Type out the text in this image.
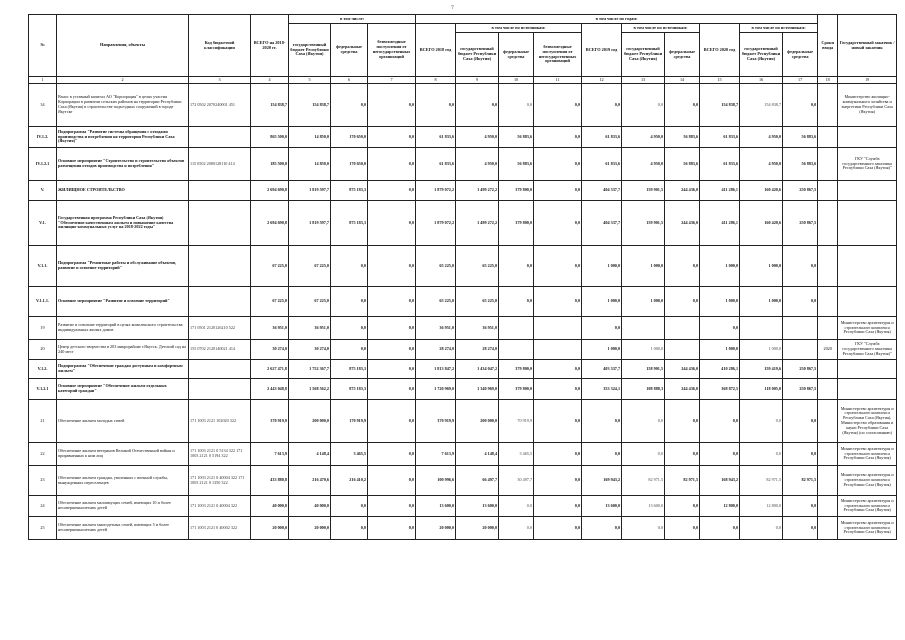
7
№	Направления, объекты	Код бюджетной классификации	ВСЕГО на 2018-2020 гг.	в том числе:			в том числе по годам:										Сроки ввода	Государственный заказчик / новый заказчик
				государственный бюджет Республики Саха (Якутия)	федеральные средства	безвозмездные поступления от негосударственных организаций	ВСЕГО 2018 год	в том числе по источникам:			ВСЕГО 2019 год	в том числе по источникам:		ВСЕГО 2020 год	в том числе по источникам:			
								государственный бюджет Республики Саха (Якутия)	федеральные средства	безвозмездные поступления от негосударственных организаций		государственный бюджет Республики Саха (Якутия)	федеральные средства		государственный бюджет Республики Саха (Якутия)	федеральные средства		
1	2	3	4	5	6	7	8	9	10	11	12	13	14	15	16	17	18	19
34	Взнос в уставный капитал АО "Корпорация" в целях участия Корпорации в развитии сельских районов на территории Республики Саха (Якутия) в строительстве подъездных сооружений в городе Якутске	172 0502 2070240001 451	154 838,7	154 838,7	0,0	0,0	0,0	0,0	0,0	0,0	0,0	0,0	0,0	154 838,7	154 838,7	0,0		Министерство жилищно-коммунального хозяйства и энергетики Республики Саха (Якутия)
IV.1.2.	Подпрограмма "Развитие системы обращения с отходами производства и потребления на территории Республики Саха (Якутия)"		865 500,0	14 850,0	170 650,0	0,0	61 833,6	4 950,0	56 883,6	0,0	61 833,6	4 950,0	56 883,6	61 833,6	4 950,0	56 883,6		
IV.1.2.1	Основное мероприятие "Строительство и строительство объектов размещения отходов производства и потребления"	115 0502 2080128110 414	185 500,0	14 850,0	170 650,0	0,0	61 833,6	4 950,0	56 883,6	0,0	61 833,6	4 950,0	56 883,6	61 833,6	4 950,0	56 883,6		ГКУ "Служба государственного заказчика Республики Саха (Якутия)"
V.	ЖИЛИЩНОЕ СТРОИТЕЛЬСТВО		2 694 690,8	1 819 597,7	875 183,3	0,0	1 879 072,2	1 499 272,2	379 800,0	0,0	404 337,7	159 901,5	244 436,0	411 286,1	160 420,6	250 867,5		
V.1.	Государственная программа Республики Саха (Якутия) "Обеспечение качественным жильем и повышение качества жилищно-коммунальных услуг на 2018-2022 годы"		2 694 690,8	1 819 597,7	875 183,3	0,0	1 879 072,2	1 499 272,2	379 800,0	0,0	404 337,7	159 901,5	244 436,0	411 286,1	160 420,6	250 867,5		
V.1.1.	Подпрограмма "Ремонтные работы и обслуживание объектов, развитие и освоение территорий"		67 225,0	67 225,0	0,0	0,0	65 225,0	65 225,0	0,0	0,0	1 000,0	1 000,0	0,0	1 000,0	1 000,0	0,0		
V.1.1.1.	Основное мероприятие "Развитие и освоение территорий"		67 225,0	67 225,0	0,0	0,0	65 225,0	65 225,0	0,0	0,0	1 000,0	1 000,0	0,0	1 000,0	1 000,0	0,0		
19	Развитие и освоение территорий в целях комплексного строительства индивидуальных жилых домов	171 0501 2120126210 522	36 951,0	36 951,0	0,0	0,0	36 951,0	36 951,0			0,0			0,0				Министерство архитектуры и строительного комплекса Республики Саха (Якутия)
20	Центр детского творчества в 203 микрорайоне г.Якутск. Детский сад на 240 мест	155 0702 2120140021 414	30 274,0	30 274,0	0,0	0,0	28 274,0	28 274,0			1 000,0	1 000,0		1 000,0	1 000,0		2020	ГКУ "Служба государственного заказчика Республики Саха (Якутия)"
V.1.2.	Подпрограмма "Обеспечение граждан доступным и комфортным жильем"		2 627 471,8	1 752 367,7	875 183,3	0,0	1 813 847,2	1 434 047,2	379 800,0	0,0	403 337,7	158 901,5	244 436,0	410 286,1	159 419,6	250 867,5		
V.1.2.1	Основное мероприятие "Обеспечение жильем отдельных категорий граждан"		2 443 048,8	1 568 562,2	875 183,3	0,0	1 720 969,0	1 340 969,0	379 800,0	0,0	353 324,1	108 888,3	244 436,0	368 872,5	118 005,0	250 867,5		
21	Обеспечение жильем молодых семей	171 1003 2121 102020 322	370 919,9	200 000,0	170 919,9	0,0	370 919,9	200 000,0	70 919,9	0,0	0,0	0,0	0,0	0,0	0,0	0,0		Министерство архитектуры и строительного комплекса Республики Саха (Якутия), Министерство образования и науки Республики Саха (Якутия) (по согласованию)
22	Обеспечение жильем ветеранов Великой Отечественной войны и приравненных к ним лиц	171 1003 2121 0 5134 322 171 1003 2121 0 5194 322	7 613,9	4 148,4	3 465,5	0,0	7 613,9	4 148,4	3 465,5	0,0	0,0	0,0	0,0	0,0	0,0	0,0		Министерство архитектуры и строительного комплекса Республики Саха (Якутия)
23	Обеспечение жильем граждан, уволенных с военной службы, вынужденных переселенцев	171 1003 2121 0 40004 322 171 1003 2121 0 1350 322	433 880,8	216 470,6	216 410,2	0,0	100 996,6	66 497,7	30 497,7	0,0	169 943,2	82 971,5	82 971,5	168 943,2	82 971,5	82 971,5		Министерство архитектуры и строительного комплекса Республики Саха (Якутия)
24	Обеспечение жильем малоимущих семей, имеющих 10 и более несовершеннолетних детей	171 1003 2121 0 40004 322	40 000,0	40 000,0	0,0	0,0	13 600,0	13 600,0	0,0	0,0	13 600,0	13 600,0	0,0	12 800,0	12 800,0	0,0		Министерство архитектуры и строительного комплекса Республики Саха (Якутия)
25	Обеспечение жильем многодетных семей, имеющих 5 и более несовершеннолетних детей	171 1003 2121 0 40002 322	20 000,0	20 000,0	0,0	0,0	20 000,0	20 000,0	0,0	0,0	0,0	0,0	0,0	0,0	0,0	0,0		Министерство архитектуры и строительного комплекса Республики Саха (Якутия)
